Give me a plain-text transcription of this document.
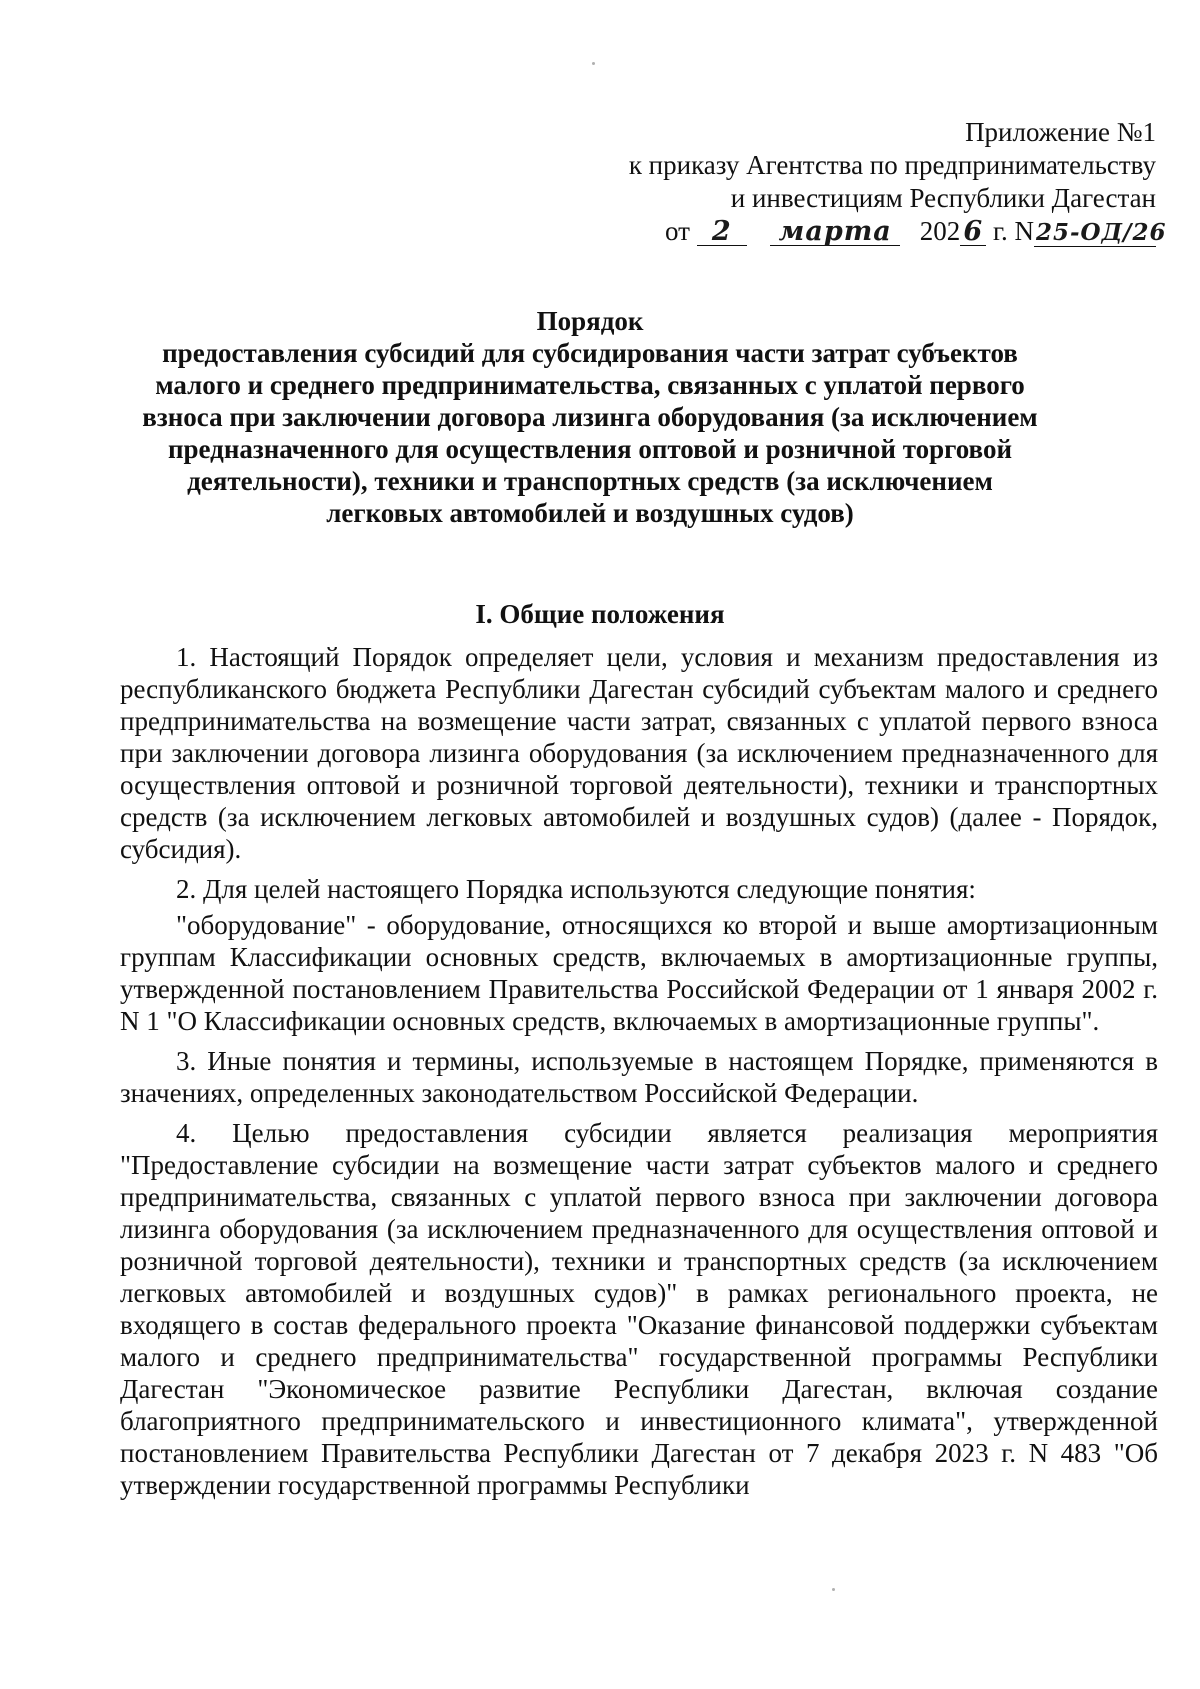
Приложение №1
к приказу Агентства по предпринимательству
и инвестициям Республики Дагестан
от 2 марта 202 6 г. N25-ОД/26
Порядок
предоставления субсидий для субсидирования части затрат субъектов малого и среднего предпринимательства, связанных с уплатой первого взноса при заключении договора лизинга оборудования (за исключением предназначенного для осуществления оптовой и розничной торговой деятельности), техники и транспортных средств (за исключением легковых автомобилей и воздушных судов)
I. Общие положения

1. Настоящий Порядок определяет цели, условия и механизм предоставления из республиканского бюджета Республики Дагестан субсидий субъектам малого и среднего предпринимательства на возмещение части затрат, связанных с уплатой первого взноса при заключении договора лизинга оборудования (за исключением предназначенного для осуществления оптовой и розничной торговой деятельности), техники и транспортных средств (за исключением легковых автомобилей и воздушных судов) (далее - Порядок, субсидия).

2. Для целей настоящего Порядка используются следующие понятия:

"оборудование" - оборудование, относящихся ко второй и выше амортизационным группам Классификации основных средств, включаемых в амортизационные группы, утвержденной постановлением Правительства Российской Федерации от 1 января 2002 г. N 1 "О Классификации основных средств, включаемых в амортизационные группы".

3. Иные понятия и термины, используемые в настоящем Порядке, применяются в значениях, определенных законодательством Российской Федерации.

4. Целью предоставления субсидии является реализация мероприятия "Предоставление субсидии на возмещение части затрат субъектов малого и среднего предпринимательства, связанных с уплатой первого взноса при заключении договора лизинга оборудования (за исключением предназначенного для осуществления оптовой и розничной торговой деятельности), техники и транспортных средств (за исключением легковых автомобилей и воздушных судов)" в рамках регионального проекта, не входящего в состав федерального проекта "Оказание финансовой поддержки субъектам малого и среднего предпринимательства" государственной программы Республики Дагестан "Экономическое развитие Республики Дагестан, включая создание благоприятного предпринимательского и инвестиционного климата", утвержденной постановлением Правительства Республики Дагестан от 7 декабря 2023 г. N 483 "Об утверждении государственной программы Республики
